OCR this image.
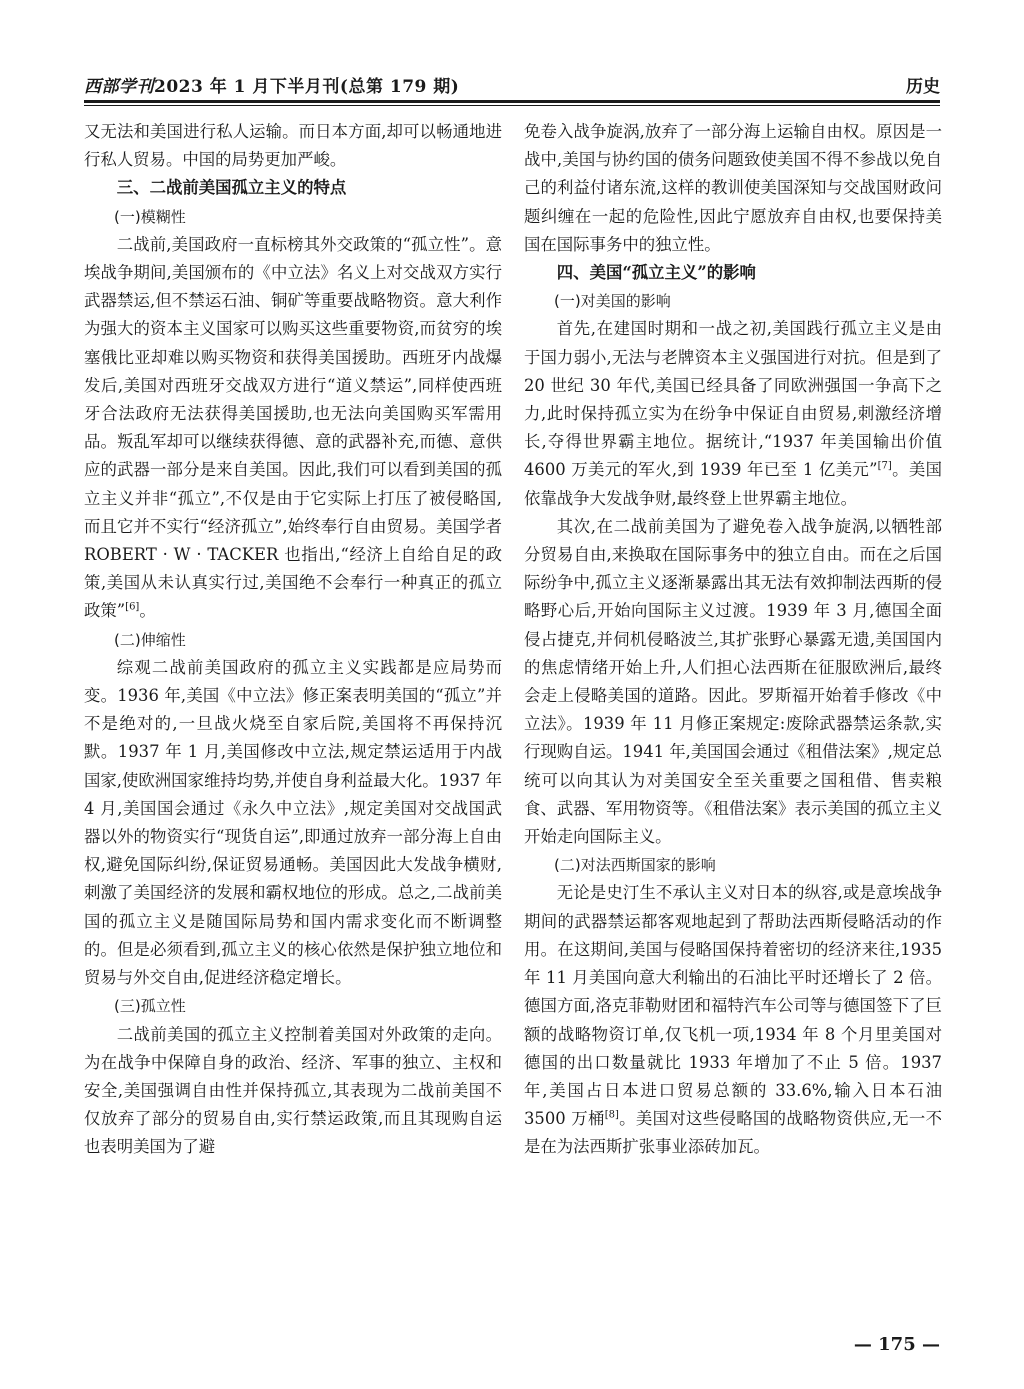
西部学刊2023 年 1 月下半月刊(总第 179 期)	历史

又无法和美国进行私人运输。而日本方面,却可以畅通地进行私人贸易。中国的局势更加严峻。

三、二战前美国孤立主义的特点
(一)模糊性

二战前,美国政府一直标榜其外交政策的“孤立性”。意埃战争期间,美国颁布的《中立法》名义上对交战双方实行武器禁运,但不禁运石油、铜矿等重要战略物资。意大利作为强大的资本主义国家可以购买这些重要物资,而贫穷的埃塞俄比亚却难以购买物资和获得美国援助。西班牙内战爆发后,美国对西班牙交战双方进行“道义禁运”,同样使西班牙合法政府无法获得美国援助,也无法向美国购买军需用品。叛乱军却可以继续获得德、意的武器补充,而德、意供应的武器一部分是来自美国。因此,我们可以看到美国的孤立主义并非“孤立”,不仅是由于它实际上打压了被侵略国,而且它并不实行“经济孤立”,始终奉行自由贸易。美国学者ROBERT · W · TACKER 也指出,“经济上自给自足的政策,美国从未认真实行过,美国绝不会奉行一种真正的孤立政策”[6]。

(二)伸缩性

综观二战前美国政府的孤立主义实践都是应局势而变。1936 年,美国《中立法》修正案表明美国的“孤立”并不是绝对的,一旦战火烧至自家后院,美国将不再保持沉默。1937 年 1 月,美国修改中立法,规定禁运适用于内战国家,使欧洲国家维持均势,并使自身利益最大化。1937 年 4 月,美国国会通过《永久中立法》,规定美国对交战国武器以外的物资实行“现货自运”,即通过放弃一部分海上自由权,避免国际纠纷,保证贸易通畅。美国因此大发战争横财,刺激了美国经济的发展和霸权地位的形成。总之,二战前美国的孤立主义是随国际局势和国内需求变化而不断调整的。但是必须看到,孤立主义的核心依然是保护独立地位和贸易与外交自由,促进经济稳定增长。

(三)孤立性

二战前美国的孤立主义控制着美国对外政策的走向。为在战争中保障自身的政治、经济、军事的独立、主权和安全,美国强调自由性并保持孤立,其表现为二战前美国不仅放弃了部分的贸易自由,实行禁运政策,而且其现购自运也表明美国为了避

免卷入战争旋涡,放弃了一部分海上运输自由权。原因是一战中,美国与协约国的债务问题致使美国不得不参战以免自己的利益付诸东流,这样的教训使美国深知与交战国财政问题纠缠在一起的危险性,因此宁愿放弃自由权,也要保持美国在国际事务中的独立性。

四、美国“孤立主义”的影响
(一)对美国的影响

首先,在建国时期和一战之初,美国践行孤立主义是由于国力弱小,无法与老牌资本主义强国进行对抗。但是到了 20 世纪 30 年代,美国已经具备了同欧洲强国一争高下之力,此时保持孤立实为在纷争中保证自由贸易,刺激经济增长,夺得世界霸主地位。据统计,“1937 年美国输出价值 4600 万美元的军火,到 1939 年已至 1 亿美元”[7]。美国依靠战争大发战争财,最终登上世界霸主地位。

其次,在二战前美国为了避免卷入战争旋涡,以牺牲部分贸易自由,来换取在国际事务中的独立自由。而在之后国际纷争中,孤立主义逐渐暴露出其无法有效抑制法西斯的侵略野心后,开始向国际主义过渡。1939 年 3 月,德国全面侵占捷克,并伺机侵略波兰,其扩张野心暴露无遗,美国国内的焦虑情绪开始上升,人们担心法西斯在征服欧洲后,最终会走上侵略美国的道路。因此。罗斯福开始着手修改《中立法》。1939 年 11 月修正案规定:废除武器禁运条款,实行现购自运。1941 年,美国国会通过《租借法案》,规定总统可以向其认为对美国安全至关重要之国租借、售卖粮食、武器、军用物资等。《租借法案》表示美国的孤立主义开始走向国际主义。

(二)对法西斯国家的影响

无论是史汀生不承认主义对日本的纵容,或是意埃战争期间的武器禁运都客观地起到了帮助法西斯侵略活动的作用。在这期间,美国与侵略国保持着密切的经济来往,1935 年 11 月美国向意大利输出的石油比平时还增长了 2 倍。德国方面,洛克菲勒财团和福特汽车公司等与德国签下了巨额的战略物资订单,仅飞机一项,1934 年 8 个月里美国对德国的出口数量就比 1933 年增加了不止 5 倍。1937 年,美国占日本进口贸易总额的 33.6%,输入日本石油 3500 万桶[8]。美国对这些侵略国的战略物资供应,无一不是在为法西斯扩张事业添砖加瓦。

— 175 —
